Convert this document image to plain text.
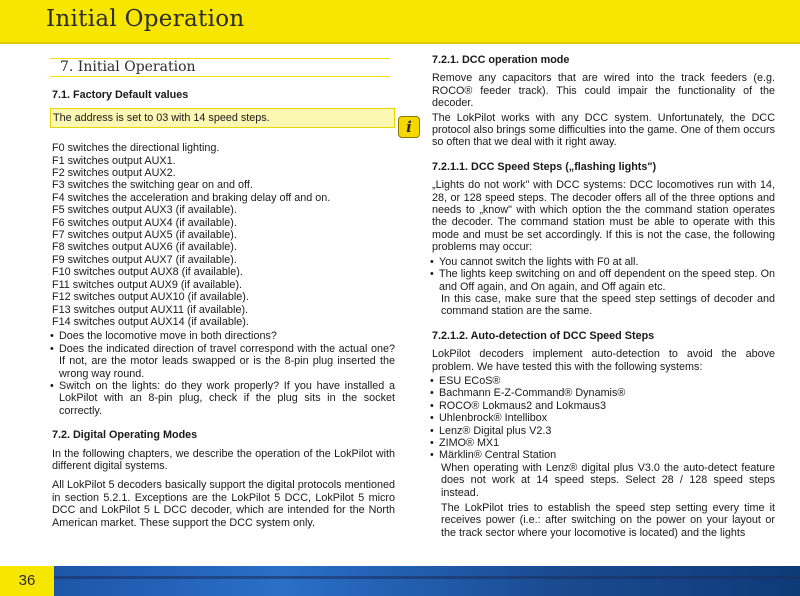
Initial Operation
7. Initial Operation
7.1. Factory Default values
The address is set to 03 with 14 speed steps.
F0 switches the directional lighting.
F1 switches output AUX1.
F2 switches output AUX2.
F3 switches the switching gear on and off.
F4 switches the acceleration and braking delay off and on.
F5 switches output AUX3 (if available).
F6 switches output AUX4 (if available).
F7 switches output AUX5 (if available).
F8 switches output AUX6 (if available).
F9 switches output AUX7 (if available).
F10 switches output AUX8 (if available).
F11 switches output AUX9 (if available).
F12 switches output AUX10 (if available).
F13 switches output AUX11 (if available).
F14 switches output AUX14 (if available).
• Does the locomotive move in both directions?
• Does the indicated direction of travel correspond with the actual one? If not, are the motor leads swapped or is the 8-pin plug inserted the wrong way round.
• Switch on the lights: do they work properly? If you have installed a LokPilot with an 8-pin plug, check if the plug sits in the socket correctly.
7.2. Digital Operating Modes

In the following chapters, we describe the operation of the LokPilot with different digital systems.

All LokPilot 5 decoders basically support the digital protocols mentioned in section 5.2.1. Exceptions are the LokPilot 5 DCC, LokPilot 5 micro DCC and LokPilot 5 L DCC decoder, which are intended for the North American market. These support the DCC system only.

i
7.2.1. DCC operation mode

Remove any capacitors that are wired into the track feeders (e.g. ROCO® feeder track). This could impair the functionality of the decoder.

The LokPilot works with any DCC system. Unfortunately, the DCC protocol also brings some difficulties into the game. One of them occurs so often that we deal with it right away.

7.2.1.1. DCC Speed Steps („flashing lights")

„Lights do not work" with DCC systems: DCC locomotives run with 14, 28, or 128 speed steps. The decoder offers all of the three options and needs to „know" with which option the the command station operates the decoder. The command station must be able to operate with this mode and must be set accordingly. If this is not the case, the following problems may occur:

• You cannot switch the lights with F0 at all.
• The lights keep switching on and off dependent on the speed step. On and Off again, and On again, and Off again etc.

In this case, make sure that the speed step settings of decoder and command station are the same.

7.2.1.2. Auto-detection of DCC Speed Steps

LokPilot decoders implement auto-detection to avoid the above problem. We have tested this with the following systems:

• ESU ECoS®
• Bachmann E-Z-Command® Dynamis®
• ROCO® Lokmaus2 and Lokmaus3
• Uhlenbrock® Intellibox
• Lenz® Digital plus V2.3
• ZIMO® MX1
• Märklin® Central Station

When operating with Lenz® digital plus V3.0 the auto-detect feature does not work at 14 speed steps. Select 28 / 128 speed steps instead.

The LokPilot tries to establish the speed step setting every time it receives power (i.e.: after switching on the power on your layout or the track sector where your locomotive is located) and the lights

36
